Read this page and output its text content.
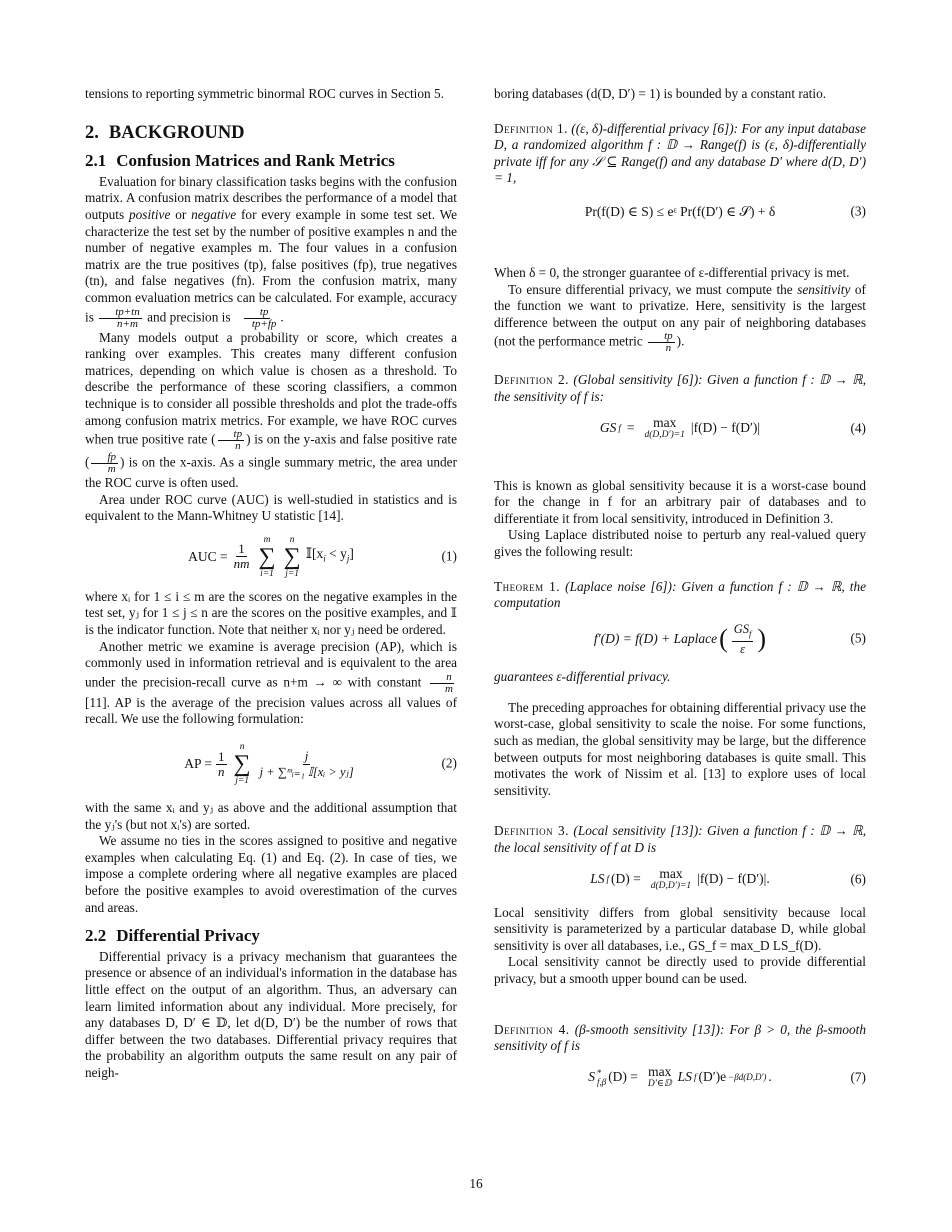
tensions to reporting symmetric binormal ROC curves in Section 5.

2. BACKGROUND
2.1 Confusion Matrices and Rank Metrics

Evaluation for binary classification tasks begins with the confusion matrix. A confusion matrix describes the performance of a model that outputs positive or negative for every example in some test set. We characterize the test set by the number of positive examples n and the number of negative examples m. The four values in a confusion matrix are the true positives (tp), false positives (fp), true negatives (tn), and false negatives (fn). From the confusion matrix, many common evaluation metrics can be calculated. For example, accuracy is $\frac{tp+tn}{n+m}$ and precision is $\frac{tp}{tp+fp}$ .

Many models output a probability or score, which creates a ranking over examples. This creates many different confusion matrices, depending on which value is chosen as a threshold. To describe the performance of these scoring classifiers, a common technique is to consider all possible thresholds and plot the trade-offs among confusion matrix metrics. For example, we have ROC curves when true positive rate ( $\frac{tp}{n}$ ) is on the y-axis and false positive rate ( $\frac{fp}{m}$ ) is on the x-axis. As a single summary metric, the area under the ROC curve is often used.

Area under ROC curve (AUC) is well-studied in statistics and is equivalent to the Mann-Whitney U statistic [14].

AUC = $\frac{1}{nm}$
m
∑
i=1
n
∑
j=1
$𝕀[x_i < y_j]$	(1)

where xᵢ for 1 ≤ i ≤ m are the scores on the negative examples in the test set, yⱼ for 1 ≤ j ≤ n are the scores on the positive examples, and 𝕀 is the indicator function. Note that neither xᵢ nor yⱼ need be ordered.

Another metric we examine is average precision (AP), which is commonly used in information retrieval and is equivalent to the area under the precision-recall curve as n+m → ∞ with constant $\frac{n}{m}$
[11]. AP is the average of the precision values across all values of recall. We use the following formulation:

AP = $\frac{1}{n}$
n
∑
j=1
$\frac{j}{\text{j + ∑ᵐᵢ₌₁ 𝕀[xᵢ > yⱼ]}}$	(2)

with the same xᵢ and yⱼ as above and the additional assumption that the yⱼ's (but not xᵢ's) are sorted.

We assume no ties in the scores assigned to positive and negative examples when calculating Eq. (1) and Eq. (2). In case of ties, we impose a complete ordering where all negative examples are placed before the positive examples to avoid overestimation of the curves and areas.

2.2 Differential Privacy

Differential privacy is a privacy mechanism that guarantees the presence or absence of an individual's information in the database has little effect on the output of an algorithm. Thus, an adversary can learn limited information about any individual. More precisely, for any databases D, D′ ∈ 𝔻, let d(D, D′) be the number of rows that differ between the two databases. Differential privacy requires that the probability an algorithm outputs the same result on any pair of neigh-

boring databases (d(D, D′) = 1) is bounded by a constant ratio.

Definition 1. ((ε, δ)-differential privacy [6]): For any input database D, a randomized algorithm f : 𝔻 → Range(f) is (ε, δ)-differentially private iff for any 𝒮 ⊆ Range(f) and any database D′ where d(D, D′) = 1,

Pr(f(D) ∈ S) ≤ eᵋ Pr(f(D′) ∈ 𝒮) + δ	(3)

When δ = 0, the stronger guarantee of ε-differential privacy is met.

To ensure differential privacy, we must compute the sensitivity of the function we want to privatize. Here, sensitivity is the largest difference between the output on any pair of neighboring databases (not the performance metric $\frac{tp}{n}$ ).

Definition 2. (Global sensitivity [6]): Given a function f : 𝔻 → ℝ, the sensitivity of f is:

GS f = max
d(D,D′)=1 |f(D) − f(D′)|	(4)

This is known as global sensitivity because it is a worst-case bound for the change in f for an arbitrary pair of databases and to differentiate it from local sensitivity, introduced in Definition 3.

Using Laplace distributed noise to perturb any real-valued query gives the following result:

Theorem 1. (Laplace noise [6]): Given a function f : 𝔻 → ℝ, the computation

f′(D) = f(D) + Laplace ( $\frac{GS_f}{\varepsilon}$ )	(5)

guarantees ε-differential privacy.

The preceding approaches for obtaining differential privacy use the worst-case, global sensitivity to scale the noise. For some functions, such as median, the global sensitivity may be large, but the difference between outputs for most neighboring databases is quite small. This motivates the work of Nissim et al. [13] to explore uses of local sensitivity.

Definition 3. (Local sensitivity [13]): Given a function f : 𝔻 → ℝ, the local sensitivity of f at D is

LS f (D) = max
d(D,D′)=1 |f(D) − f(D′)|.	(6)

Local sensitivity differs from global sensitivity because local sensitivity is parameterized by a particular database D, while global sensitivity is over all databases, i.e., GS_f = max_D LS_f(D).

Local sensitivity cannot be directly used to provide differential privacy, but a smooth upper bound can be used.

Definition 4. (β-smooth sensitivity [13]): For β > 0, the β-smooth sensitivity of f is

S *
f,β (D) = max
D′∈𝔻 LS f (D′)e −βd(D,D′) .	(7)
16
